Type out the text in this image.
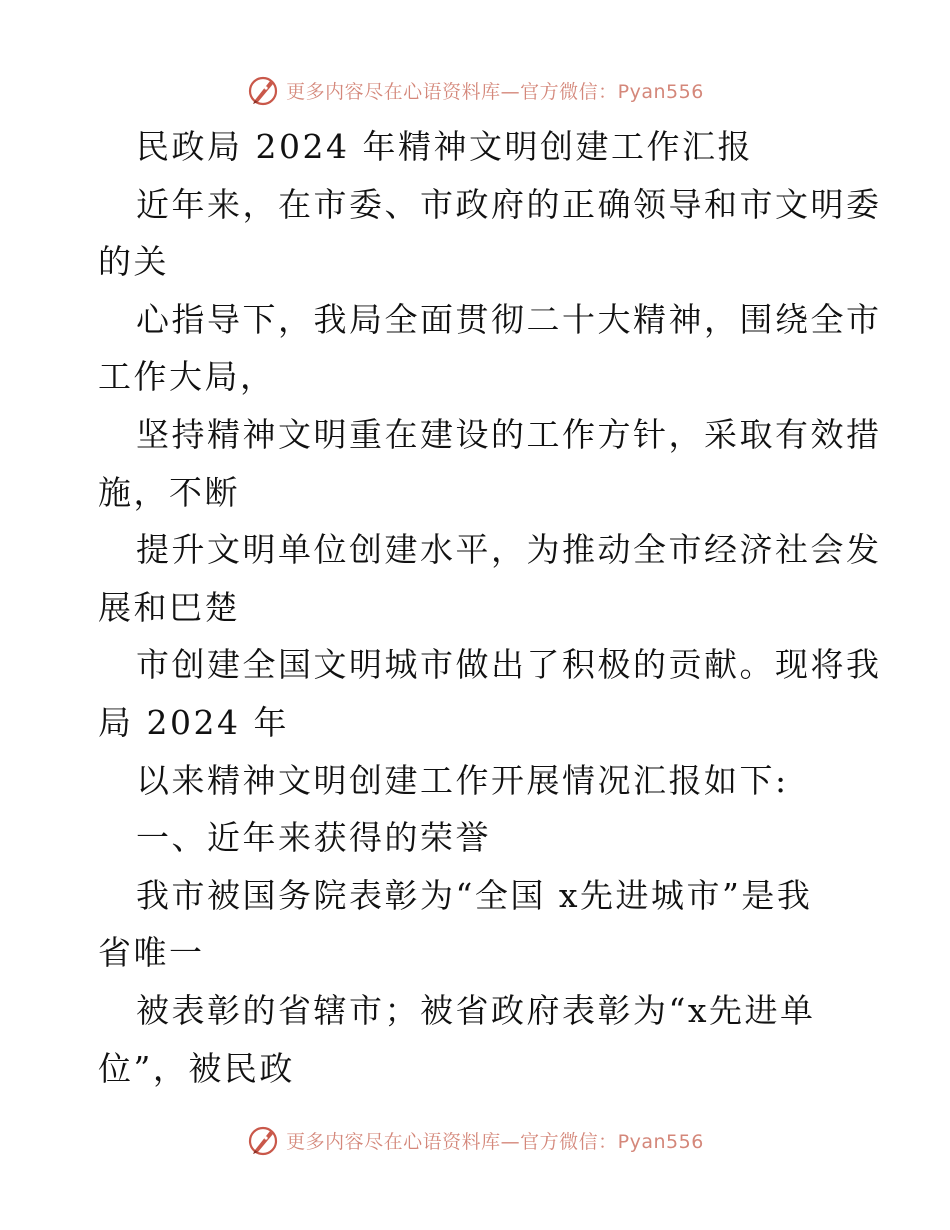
更多内容尽在心语资料库—官方微信：Pyan556
民政局 2024 年精神文明创建工作汇报
近年来，在市委、市政府的正确领导和市文明委
的关
心指导下，我局全面贯彻二十大精神，围绕全市
工作大局，
坚持精神文明重在建设的工作方针，采取有效措
施，不断
提升文明单位创建水平，为推动全市经济社会发
展和巴楚
市创建全国文明城市做出了积极的贡献。现将我
局 2024 年
以来精神文明创建工作开展情况汇报如下:
一、近年来获得的荣誉
我市被国务院表彰为“全国 x先进城市”是我
省唯一
被表彰的省辖市；被省政府表彰为“x先进单
位”，被民政
更多内容尽在心语资料库—官方微信：Pyan556
